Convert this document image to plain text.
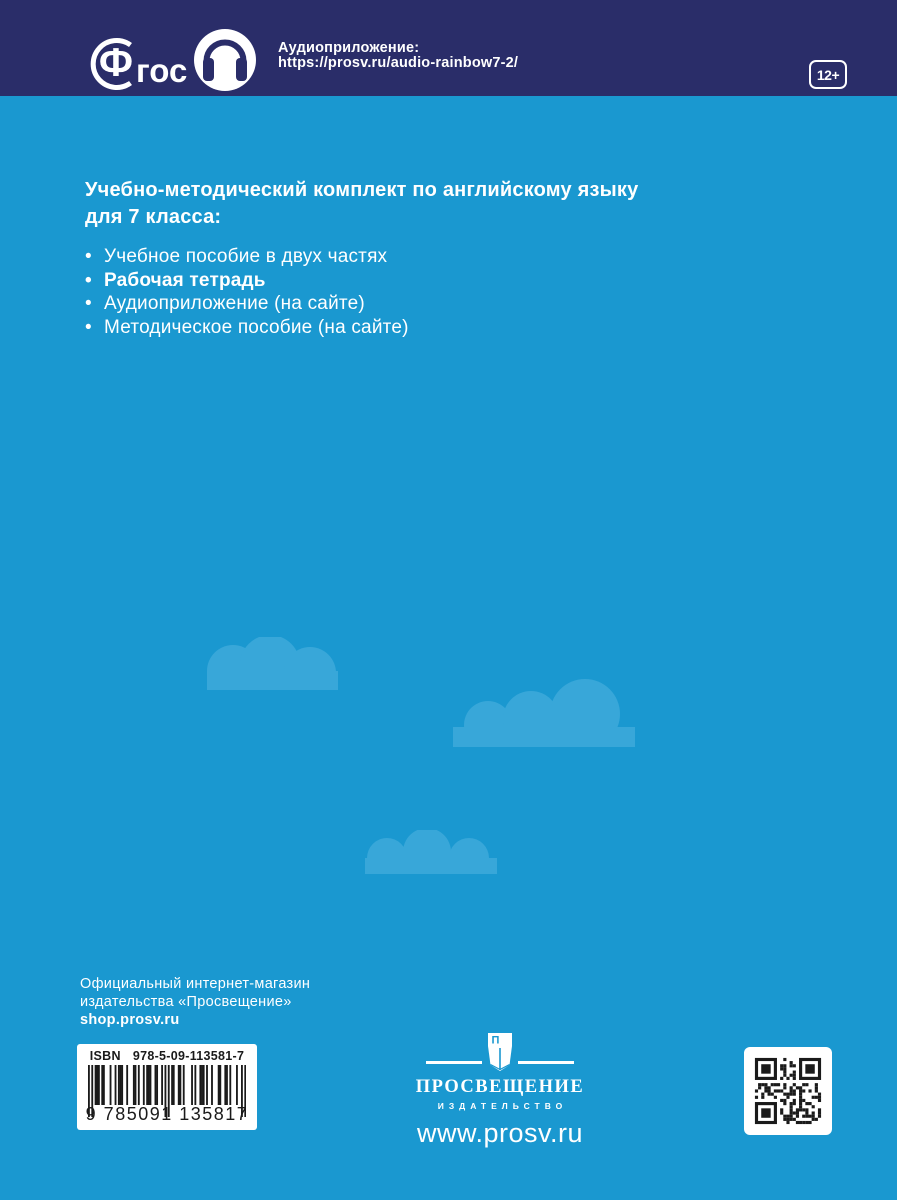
Ф гос
Аудиоприложение:
https://prosv.ru/audio-rainbow7-2/
12+
Учебно-методический комплект по английскому языку
для 7 класса:
• Учебное пособие в двух частях
• Рабочая тетрадь
• Аудиоприложение (на сайте)
• Методическое пособие (на сайте)
Официальный интернет-магазин
издательства «Просвещение»
shop.prosv.ru
ISBN 978-5-09-113581-7
9 785091 135817
П
ПРОСВЕЩЕНИЕ
ИЗДАТЕЛЬСТВО
www.prosv.ru
